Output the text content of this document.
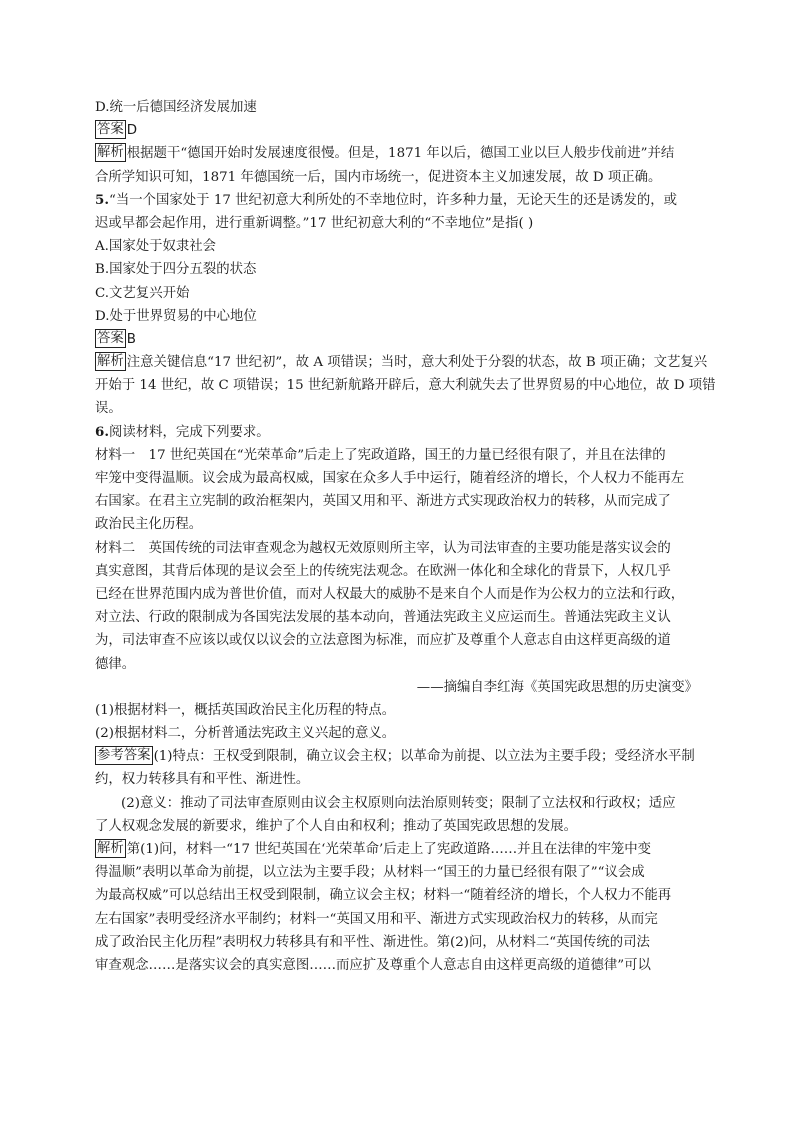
D.统一后德国经济发展加速
答案 D
解析 根据题干“德国开始时发展速度很慢。但是，1871 年以后，德国工业以巨人般步伐前进”并结
合所学知识可知，1871 年德国统一后，国内市场统一，促进资本主义加速发展，故 D 项正确。
5.“当一个国家处于 17 世纪初意大利所处的不幸地位时，许多种力量，无论天生的还是诱发的，或
迟或早都会起作用，进行重新调整。”17 世纪初意大利的“不幸地位”是指( )
A.国家处于奴隶社会
B.国家处于四分五裂的状态
C.文艺复兴开始
D.处于世界贸易的中心地位
答案 B
解析 注意关键信息“17 世纪初”，故 A 项错误；当时，意大利处于分裂的状态，故 B 项正确；文艺复兴
开始于 14 世纪，故 C 项错误；15 世纪新航路开辟后，意大利就失去了世界贸易的中心地位，故 D 项错
误。
6.阅读材料，完成下列要求。
材料一　17 世纪英国在“光荣革命”后走上了宪政道路，国王的力量已经很有限了，并且在法律的
牢笼中变得温顺。议会成为最高权威，国家在众多人手中运行，随着经济的增长，个人权力不能再左
右国家。在君主立宪制的政治框架内，英国又用和平、渐进方式实现政治权力的转移，从而完成了
政治民主化历程。
材料二　英国传统的司法审查观念为越权无效原则所主宰，认为司法审查的主要功能是落实议会的
真实意图，其背后体现的是议会至上的传统宪法观念。在欧洲一体化和全球化的背景下，人权几乎
已经在世界范围内成为普世价值，而对人权最大的威胁不是来自个人而是作为公权力的立法和行政，
对立法、行政的限制成为各国宪法发展的基本动向，普通法宪政主义应运而生。普通法宪政主义认
为，司法审查不应该以或仅以议会的立法意图为标准，而应扩及尊重个人意志自由这样更高级的道
德律。
——摘编自李红海《英国宪政思想的历史演变》
(1)根据材料一，概括英国政治民主化历程的特点。
(2)根据材料二，分析普通法宪政主义兴起的意义。
参考答案 (1)特点：王权受到限制，确立议会主权；以革命为前提、以立法为主要手段；受经济水平制
约，权力转移具有和平性、渐进性。
(2)意义：推动了司法审查原则由议会主权原则向法治原则转变；限制了立法权和行政权；适应
了人权观念发展的新要求，维护了个人自由和权利；推动了英国宪政思想的发展。
解析 第(1)问，材料一“17 世纪英国在‘光荣革命’后走上了宪政道路……并且在法律的牢笼中变
得温顺”表明以革命为前提，以立法为主要手段；从材料一“国王的力量已经很有限了”“议会成
为最高权威”可以总结出王权受到限制，确立议会主权；材料一“随着经济的增长，个人权力不能再
左右国家”表明受经济水平制约；材料一“英国又用和平、渐进方式实现政治权力的转移，从而完
成了政治民主化历程”表明权力转移具有和平性、渐进性。第(2)问，从材料二“英国传统的司法
审查观念……是落实议会的真实意图……而应扩及尊重个人意志自由这样更高级的道德律”可以
